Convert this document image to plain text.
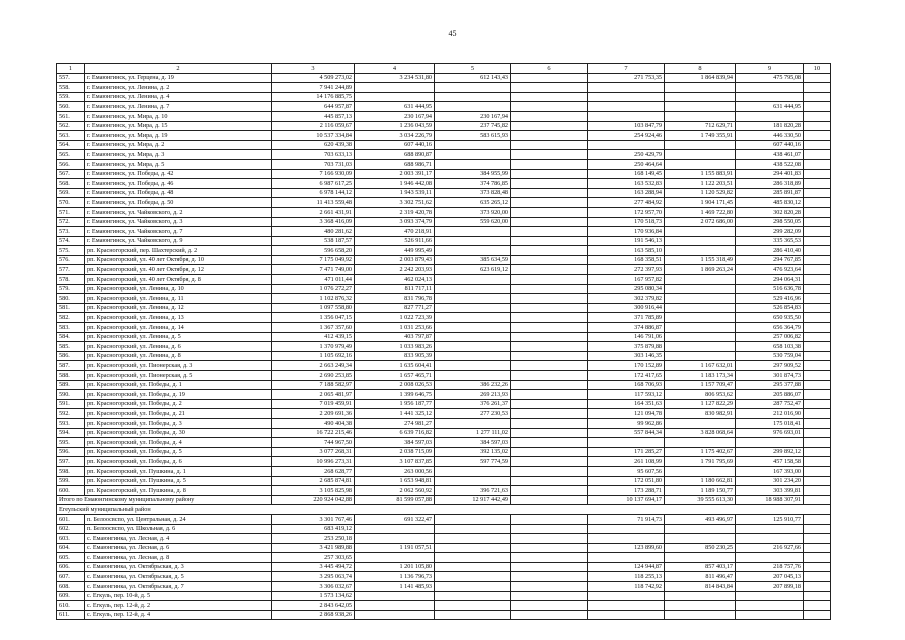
45
1	2	3	4	5	6	7	8	9	10
557.	г. Емаюнгинск, ул. Герцена, д. 19	4 509 273,02	3 234 531,80	612 143,43		271 753,35	1 864 839,94	475 795,08	
558.	г. Емаюнгинск, ул. Ленина, д. 2	7 941 244,89							
559.	г. Емаюнгинск, ул. Ленина, д. 4	14 176 885,75							
560.	г. Емаюнгинск, ул. Ленина, д. 7	644 957,87	631 444,95					631 444,95	
561.	г. Емаюнгинск, ул. Мира, д. 10	445 857,13	230 167,94	230 167,94					
562.	г. Емаюнгинск, ул. Мира, д. 15	2 116 059,67	1 236 043,59	237 745,82		103 847,79	712 629,71	181 820,28	
563.	г. Емаюнгинск, ул. Мира, д. 19	10 537 334,84	3 034 226,79	583 615,93		254 924,46	1 749 355,91	446 330,50	
564.	г. Емаюнгинск, ул. Мира, д. 2	620 439,38	607 440,16					607 440,16	
565.	г. Емаюнгинск, ул. Мира, д. 3	703 633,13	688 890,87			250 429,79		438 461,07	
566.	г. Емаюнгинск, ул. Мира, д. 5	703 731,03	688 986,71			250 464,64		438 522,08	
567.	г. Емаюнгинск, ул. Победы, д. 42	7 166 930,09	2 003 391,17	384 955,99		168 149,45	1 155 883,91	294 401,83	
568.	г. Емаюнгинск, ул. Победы, д. 46	6 987 617,25	1 946 442,08	374 786,85		163 532,83	1 122 203,51	286 318,89	
569.	г. Емаюнгинск, ул. Победы, д. 48	6 978 144,12	1 943 539,11	373 828,48		163 288,94	1 120 529,82	285 891,87	
570.	г. Емаюнгинск, ул. Победы, д. 50	11 413 559,48	3 302 751,62	635 265,12		277 484,92	1 904 171,45	485 830,12	
571.	г. Емаюнгинск, ул. Чайковского, д. 2	2 661 431,91	2 319 420,78	373 920,00		172 957,70	1 469 722,80	302 820,28	
572.	г. Емаюнгинск, ул. Чайковского, д. 3	3 368 416,09	3 093 374,79	559 620,00		170 518,73	2 072 686,00	298 550,05	
573.	г. Емаюнгинск, ул. Чайковского, д. 7	480 281,62	470 218,91			170 936,84		299 282,09	
574.	г. Емаюнгинск, ул. Чайковского, д. 9	538 187,57	526 911,66			191 546,13		335 365,53	
575.	рп. Красногорский, пер. Шахтерский, д. 2	596 658,20	449 995,49			163 585,10		286 410,40	
576.	рп. Красногорский, ул. 40 лет Октября, д. 10	7 175 049,92	2 003 879,43	385 634,59		168 358,51	1 155 318,49	294 767,85	
577.	рп. Красногорский, ул. 40 лет Октября, д. 12	7 471 749,00	2 242 203,93	623 619,12		272 397,93	1 869 263,24	476 923,64	
578.	рп. Красногорский, ул. 40 лет Октября, д. 8	471 011,44	462 024,13			167 957,82		294 064,31	
579.	рп. Красногорский, ул. Ленина, д. 10	1 076 272,27	811 717,11			295 080,34		516 636,78	
580.	рп. Красногорский, ул. Ленина, д. 11	1 102 876,32	831 796,78			302 379,82		529 416,96	
581.	рп. Красногорский, ул. Ленина, д. 12	1 097 558,80	827 771,27			300 916,44		526 854,83	
582.	рп. Красногорский, ул. Ленина, д. 13	1 356 047,15	1 022 723,39			371 785,89		650 935,50	
583.	рп. Красногорский, ул. Ленина, д. 14	1 367 357,60	1 031 253,66			374 886,87		656 364,79	
584.	рп. Красногорский, ул. Ленина, д. 5	412 439,15	403 797,87			146 791,06		257 006,82	
585.	рп. Красногорский, ул. Ленина, д. 6	1 370 979,49	1 033 983,26			375 879,88		658 103,38	
586.	рп. Красногорский, ул. Ленина, д. 8	1 105 692,16	833 905,39			303 146,35		530 759,04	
587.	рп. Красногорский, ул. Пионерская, д. 3	2 663 249,34	1 635 604,41			170 152,89	1 167 632,01	297 909,52	
588.	рп. Красногорский, ул. Пионерская, д. 5	2 690 253,85	1 657 465,71			172 417,65	1 183 173,34	301 874,73	
589.	рп. Красногорский, ул. Победы, д. 1	7 188 582,97	2 008 026,53	386 232,26		168 706,93	1 157 709,47	295 377,88	
590.	рп. Красногорский, ул. Победы, д. 19	2 065 481,97	1 399 646,75	269 213,93		117 593,12	806 953,62	205 886,07	
591.	рп. Красногорский, ул. Победы, д. 2	7 019 459,91	1 956 187,77	376 261,37		164 351,63	1 127 822,29	287 752,47	
592.	рп. Красногорский, ул. Победы, д. 21	2 209 691,36	1 441 325,12	277 230,53		121 094,78	830 982,91	212 016,90	
593.	рп. Красногорский, ул. Победы, д. 3	490 404,38	274 981,27			99 962,86		175 018,41	
594.	рп. Красногорский, ул. Победы, д. 30	16 722 215,46	6 639 716,82	1 277 111,02		557 844,34	3 828 068,64	976 693,01	
595.	рп. Красногорский, ул. Победы, д. 4	744 967,50	384 597,03	384 597,03					
596.	рп. Красногорский, ул. Победы, д. 5	3 077 268,31	2 038 715,09	392 135,02		171 285,27	1 175 402,67	299 892,12	
597.	рп. Красногорский, ул. Победы, д. 6	10 996 273,31	3 107 837,85	597 774,59		261 108,99	1 791 795,69	457 158,58	
598.	рп. Красногорский, ул. Пушкина, д. 1	268 628,77	263 000,56			95 607,56		167 393,00	
599.	рп. Красногорский, ул. Пушкина, д. 5	2 685 874,81	1 653 948,81			172 051,80	1 180 662,81	301 234,20	
600.	рп. Красногорский, ул. Пушкина, д. 8	3 105 825,98	2 062 560,92	396 721,63		173 288,71	1 189 150,77	303 399,81	
Итого по Емаюнгинскому муниципальному району		220 924 042,88	81 599 057,88	12 917 442,49		10 137 694,17	39 555 613,30	18 988 307,91	
Егеульский муниципальный район									
601.	п. Белоосвспо, ул. Центральная, д. 24	3 301 767,46	691 322,47			71 914,73	493 496,97	125 910,77	
602.	п. Белоосвспо, ул. Школьная, д. 6	683 419,12							
603.	с. Емаюнгинка, ул. Лесная, д. 4	253 250,18							
604.	с. Емаюнгинка, ул. Лесная, д. 6	3 421 989,88	1 191 057,51			123 899,60	850 230,25	216 927,66	
605.	с. Емаюнгинка, ул. Лесная, д. 8	257 303,65							
606.	с. Емаюнгинка, ул. Октябрьская, д. 3	3 445 494,72	1 201 105,80			124 944,87	857 403,17	218 757,76	
607.	с. Емаюнгинка, ул. Октябрьская, д. 5	3 295 063,74	1 136 796,73			118 255,13	811 496,47	207 045,13	
608.	с. Емаюнгинка, ул. Октябрьская, д. 7	3 306 032,67	1 141 485,93			118 742,92	814 843,84	207 899,18	
609.	с. Егкуль, пер. 10-й, д. 5	1 573 134,62							
610.	с. Егкуль, пер. 12-й, д. 2	2 843 642,05							
611.	с. Егкуль, пер. 12-й, д. 4	2 868 938,26							
